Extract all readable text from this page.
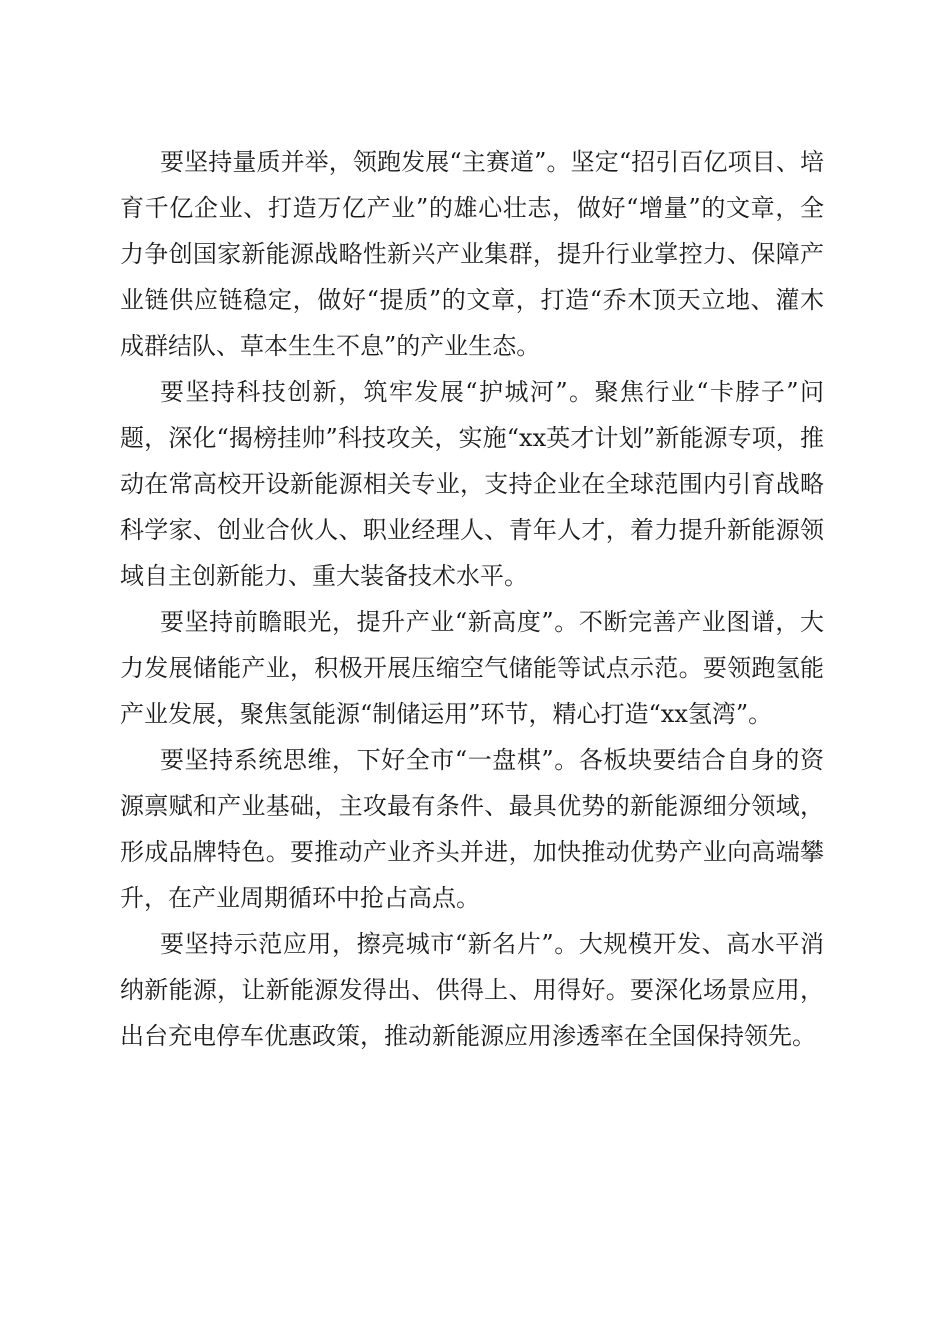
要坚持量质并举，领跑发展“主赛道”。坚定“招引百亿项目、培育千亿企业、打造万亿产业”的雄心壮志，做好“增量”的文章，全力争创国家新能源战略性新兴产业集群，提升行业掌控力、保障产业链供应链稳定，做好“提质”的文章，打造“乔木顶天立地、灌木成群结队、草本生生不息”的产业生态。

要坚持科技创新，筑牢发展“护城河”。聚焦行业“卡脖子”问题，深化“揭榜挂帅”科技攻关，实施“xx英才计划”新能源专项，推动在常高校开设新能源相关专业，支持企业在全球范围内引育战略科学家、创业合伙人、职业经理人、青年人才，着力提升新能源领域自主创新能力、重大装备技术水平。

要坚持前瞻眼光，提升产业“新高度”。不断完善产业图谱，大力发展储能产业，积极开展压缩空气储能等试点示范。要领跑氢能产业发展，聚焦氢能源“制储运用”环节，精心打造“xx氢湾”。

要坚持系统思维，下好全市“一盘棋”。各板块要结合自身的资源禀赋和产业基础，主攻最有条件、最具优势的新能源细分领域，形成品牌特色。要推动产业齐头并进，加快推动优势产业向高端攀升，在产业周期循环中抢占高点。

要坚持示范应用，擦亮城市“新名片”。大规模开发、高水平消纳新能源，让新能源发得出、供得上、用得好。要深化场景应用，出台充电停车优惠政策，推动新能源应用渗透率在全国保持领先。
